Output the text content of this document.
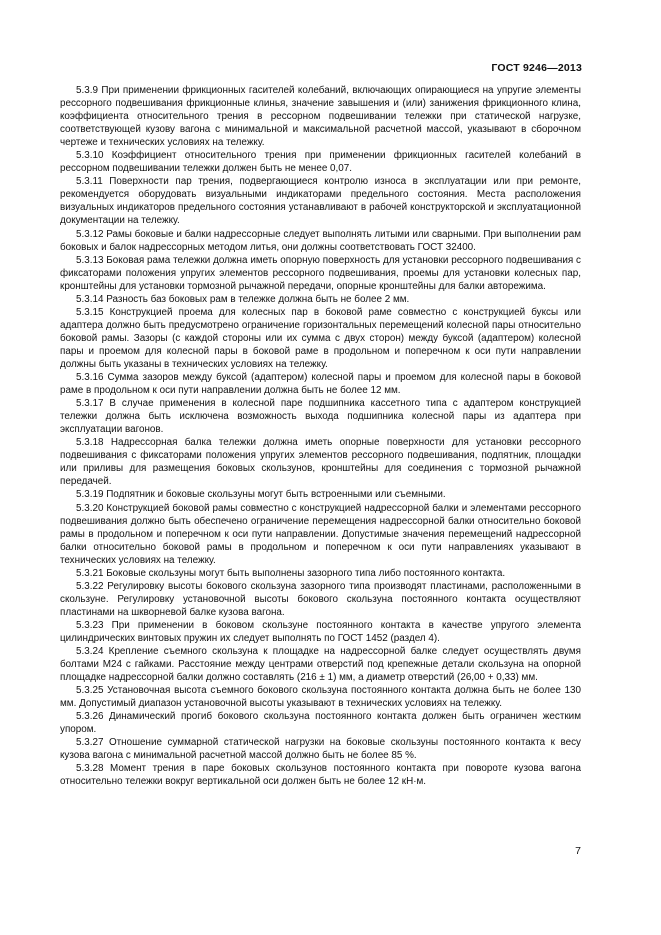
ГОСТ 9246—2013

5.3.9 При применении фрикционных гасителей колебаний, включающих опирающиеся на упругие элементы рессорного подвешивания фрикционные клинья, значение завышения и (или) занижения фрикционного клина, коэффициента относительного трения в рессорном подвешивании тележки при статической нагрузке, соответствующей кузову вагона с минимальной и максимальной расчетной массой, указывают в сборочном чертеже и технических условиях на тележку.

5.3.10 Коэффициент относительного трения при применении фрикционных гасителей колебаний в рессорном подвешивании тележки должен быть не менее 0,07.

5.3.11 Поверхности пар трения, подвергающиеся контролю износа в эксплуатации или при ремонте, рекомендуется оборудовать визуальными индикаторами предельного состояния. Места расположения визуальных индикаторов предельного состояния устанавливают в рабочей конструкторской и эксплуатационной документации на тележку.

5.3.12 Рамы боковые и балки надрессорные следует выполнять литыми или сварными. При выполнении рам боковых и балок надрессорных методом литья, они должны соответствовать ГОСТ 32400.

5.3.13 Боковая рама тележки должна иметь опорную поверхность для установки рессорного подвешивания с фиксаторами положения упругих элементов рессорного подвешивания, проемы для установки колесных пар, кронштейны для установки тормозной рычажной передачи, опорные кронштейны для балки авторежима.

5.3.14 Разность баз боковых рам в тележке должна быть не более 2 мм.

5.3.15 Конструкцией проема для колесных пар в боковой раме совместно с конструкцией буксы или адаптера должно быть предусмотрено ограничение горизонтальных перемещений колесной пары относительно боковой рамы. Зазоры (с каждой стороны или их сумма с двух сторон) между буксой (адаптером) колесной пары и проемом для колесной пары в боковой раме в продольном и поперечном к оси пути направлении должны быть указаны в технических условиях на тележку.

5.3.16 Сумма зазоров между буксой (адаптером) колесной пары и проемом для колесной пары в боковой раме в продольном к оси пути направлении должна быть не более 12 мм.

5.3.17 В случае применения в колесной паре подшипника кассетного типа с адаптером конструкцией тележки должна быть исключена возможность выхода подшипника колесной пары из адаптера при эксплуатации вагонов.

5.3.18 Надрессорная балка тележки должна иметь опорные поверхности для установки рессорного подвешивания с фиксаторами положения упругих элементов рессорного подвешивания, подпятник, площадки или приливы для размещения боковых скользунов, кронштейны для соединения с тормозной рычажной передачей.

5.3.19 Подпятник и боковые скользуны могут быть встроенными или съемными.

5.3.20 Конструкцией боковой рамы совместно с конструкцией надрессорной балки и элементами рессорного подвешивания должно быть обеспечено ограничение перемещения надрессорной балки относительно боковой рамы в продольном и поперечном к оси пути направлении. Допустимые значения перемещений надрессорной балки относительно боковой рамы в продольном и поперечном к оси пути направлениях указывают в технических условиях на тележку.

5.3.21 Боковые скользуны могут быть выполнены зазорного типа либо постоянного контакта.

5.3.22 Регулировку высоты бокового скользуна зазорного типа производят пластинами, расположенными в скользуне. Регулировку установочной высоты бокового скользуна постоянного контакта осуществляют пластинами на шкворневой балке кузова вагона.

5.3.23 При применении в боковом скользуне постоянного контакта в качестве упругого элемента цилиндрических винтовых пружин их следует выполнять по ГОСТ 1452 (раздел 4).

5.3.24 Крепление съемного скользуна к площадке на надрессорной балке следует осуществлять двумя болтами М24 с гайками. Расстояние между центрами отверстий под крепежные детали скользуна на опорной площадке надрессорной балки должно составлять (216 ± 1) мм, а диаметр отверстий (26,00 + 0,33) мм.

5.3.25 Установочная высота съемного бокового скользуна постоянного контакта должна быть не более 130 мм. Допустимый диапазон установочной высоты указывают в технических условиях на тележку.

5.3.26 Динамический прогиб бокового скользуна постоянного контакта должен быть ограничен жестким упором.

5.3.27 Отношение суммарной статической нагрузки на боковые скользуны постоянного контакта к весу кузова вагона с минимальной расчетной массой должно быть не более 85 %.

5.3.28 Момент трения в паре боковых скользунов постоянного контакта при повороте кузова вагона относительно тележки вокруг вертикальной оси должен быть не более 12 кН·м.

7
